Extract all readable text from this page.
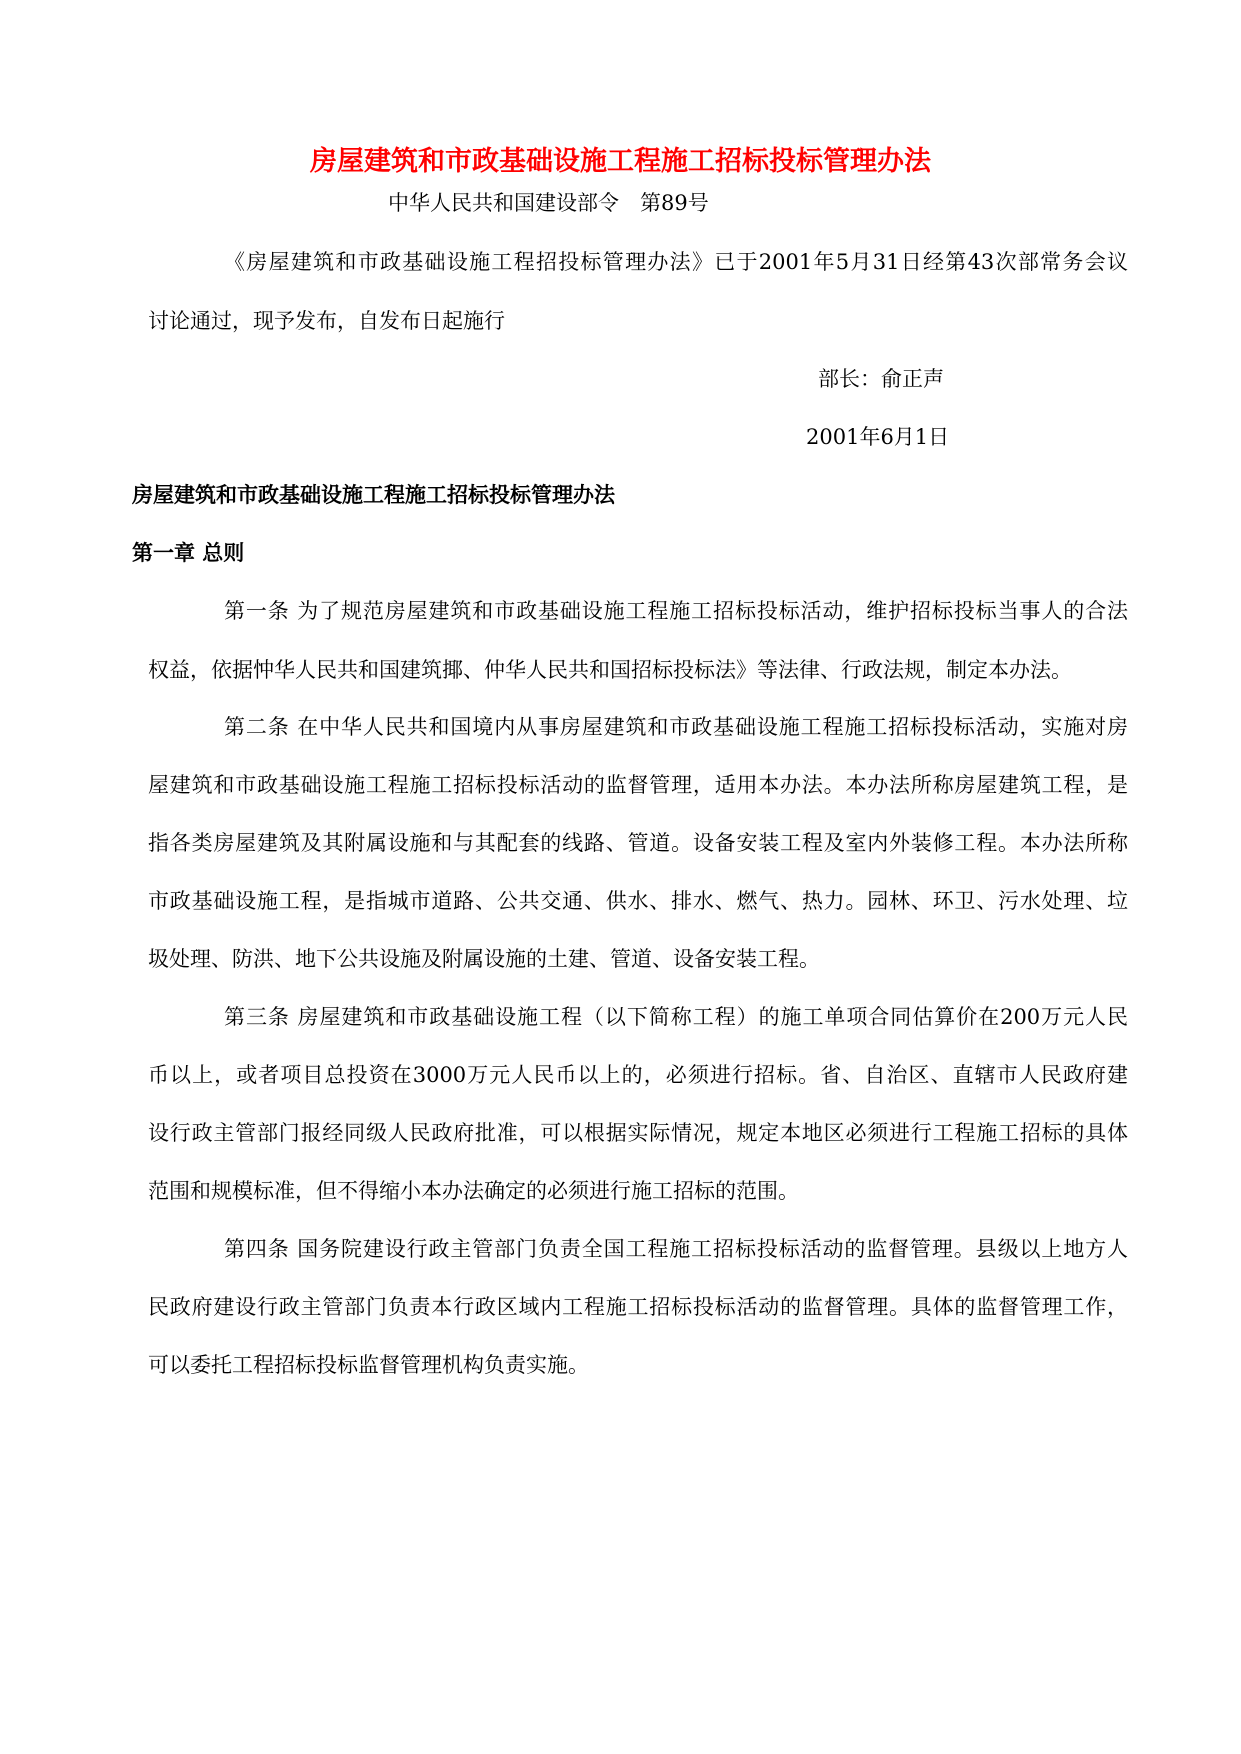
房屋建筑和市政基础设施工程施工招标投标管理办法
中华人民共和国建设部令　第89号
《房屋建筑和市政基础设施工程招投标管理办法》已于2001年5月31日经第43次部常务会议
讨论通过，现予发布，自发布日起施行
部长：俞正声
2001年6月1日
房屋建筑和市政基础设施工程施工招标投标管理办法
第一章 总则
第一条 为了规范房屋建筑和市政基础设施工程施工招标投标活动，维护招标投标当事人的合法
权益，依据忡华人民共和国建筑揶、仲华人民共和国招标投标法》等法律、行政法规，制定本办法。
第二条 在中华人民共和国境内从事房屋建筑和市政基础设施工程施工招标投标活动，实施对房
屋建筑和市政基础设施工程施工招标投标活动的监督管理，适用本办法。本办法所称房屋建筑工程，是
指各类房屋建筑及其附属设施和与其配套的线路、管道。设备安装工程及室内外装修工程。本办法所称
市政基础设施工程，是指城市道路、公共交通、供水、排水、燃气、热力。园林、环卫、污水处理、垃
圾处理、防洪、地下公共设施及附属设施的土建、管道、设备安装工程。
第三条 房屋建筑和市政基础设施工程（以下简称工程）的施工单项合同估算价在200万元人民
币以上，或者项目总投资在3000万元人民币以上的，必须进行招标。省、自治区、直辖市人民政府建
设行政主管部门报经同级人民政府批准，可以根据实际情况，规定本地区必须进行工程施工招标的具体
范围和规模标准，但不得缩小本办法确定的必须进行施工招标的范围。
第四条 国务院建设行政主管部门负责全国工程施工招标投标活动的监督管理。县级以上地方人
民政府建设行政主管部门负责本行政区域内工程施工招标投标活动的监督管理。具体的监督管理工作，
可以委托工程招标投标监督管理机构负责实施。
